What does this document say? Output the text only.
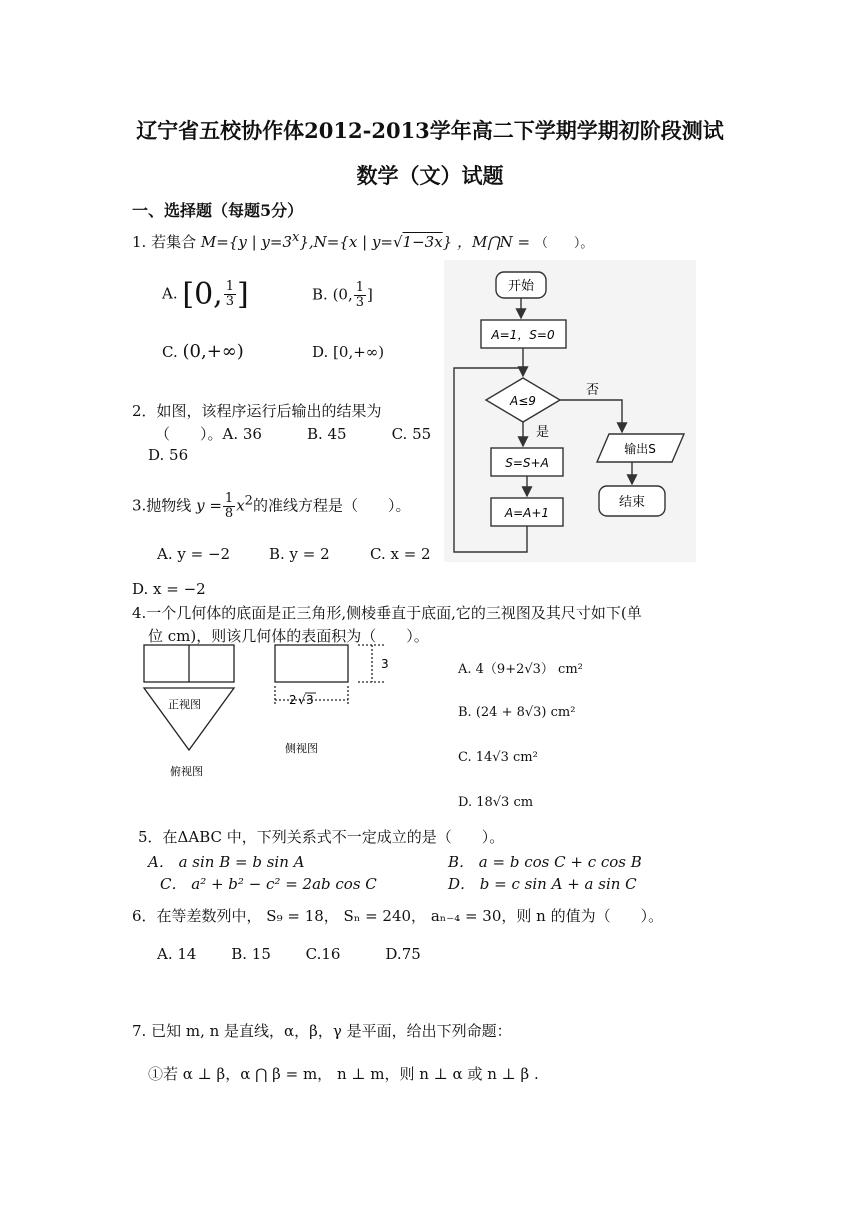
辽宁省五校协作体2012-2013学年高二下学期学期初阶段测试
数学（文）试题
一、选择题（每题5分）
1. 若集合 M={y | $y=3^x\},N=\{x$ | y=√1−3x} ，M⋂N = （　　）。
A. [0, $\frac{1}{3}$ ]	B. (0, $\frac{1}{3}$ ]
C. (0,+∞)	D. [0,+∞)
2．如图，该程序运行后输出的结果为
（　　）。A. 36　　　B. 45　　　C. 55
D. 56
开始
A=1，S=0
A≤9
否
是
S=S+A
A=A+1
输出S
结束
3.抛物线 $y = \frac{1}{8} x^2$的准线方程是（　　）。
A. y = −2	B. y = 2	C. x = 2
D. x = −2
4.一个几何体的底面是正三角形,侧棱垂直于底面,它的三视图及其尺寸如下(单
位 cm)，则该几何体的表面积为（　　）。
3
2 √ 3
正视图
侧视图
俯视图
A. 4（9+2√3） cm²
B. (24 + 8√3) cm²
C. 14√3 cm²
D. 18√3 cm
5．在ΔABC 中，下列关系式不一定成立的是（　　）。
A． a sin B = b sin A	B． a = b cos C + c cos B
C． a² + b² − c² = 2ab cos C	D． b = c sin A + a sin C
6．在等差数列中， S₉ = 18， Sₙ = 240， aₙ₋₄ = 30，则 n 的值为（　　）。
A. 14　　 B. 15　　 C.16　　　D.75
7. 已知 m, n 是直线，α，β，γ 是平面，给出下列命题：
①若 α ⊥ β，α ⋂ β = m， n ⊥ m，则 n ⊥ α 或 n ⊥ β .
